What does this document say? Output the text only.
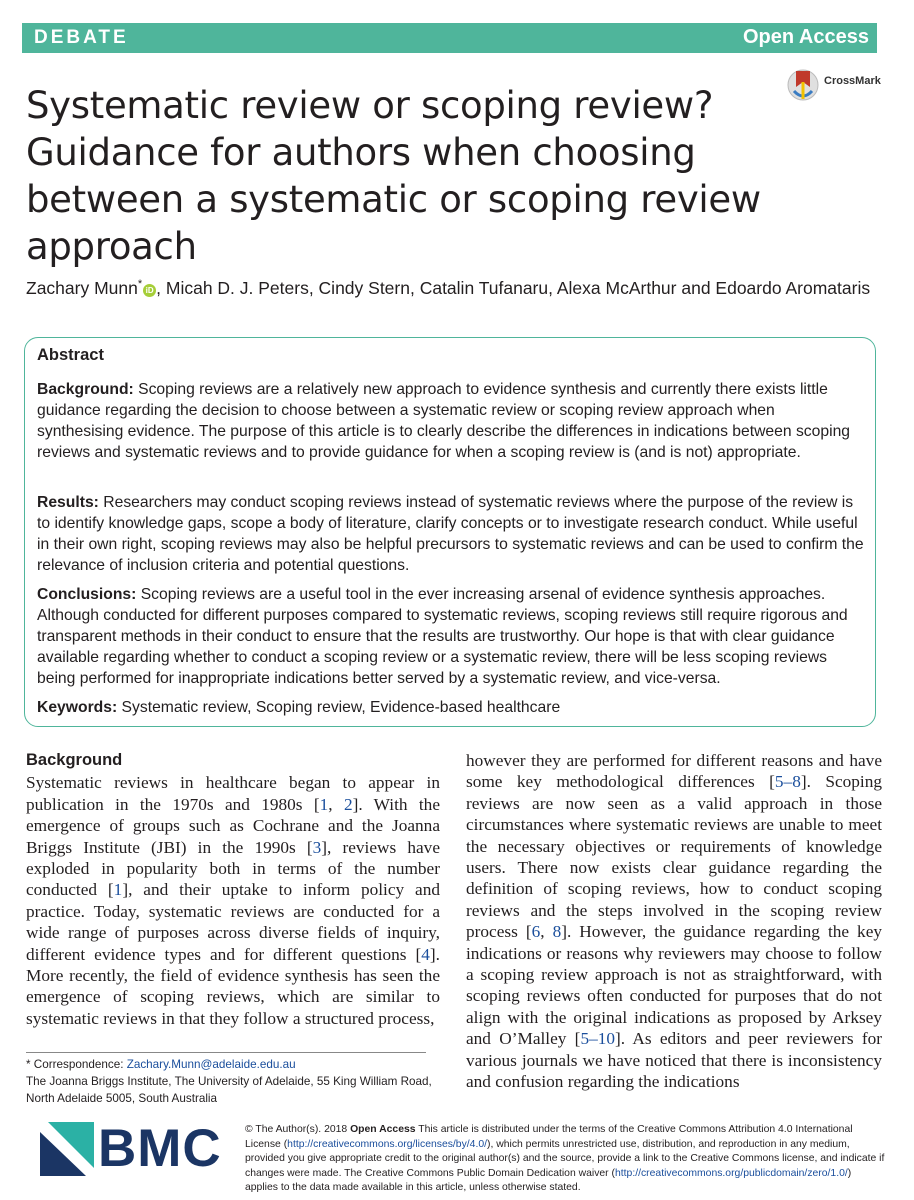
DEBATE	Open Access
CrossMark
Systematic review or scoping review? Guidance for authors when choosing between a systematic or scoping review approach
Zachary Munn*iD , Micah D. J. Peters, Cindy Stern, Catalin Tufanaru, Alexa McArthur and Edoardo Aromataris
Abstract

Background: Scoping reviews are a relatively new approach to evidence synthesis and currently there exists little guidance regarding the decision to choose between a systematic review or scoping review approach when synthesising evidence. The purpose of this article is to clearly describe the differences in indications between scoping reviews and systematic reviews and to provide guidance for when a scoping review is (and is not) appropriate.

Results: Researchers may conduct scoping reviews instead of systematic reviews where the purpose of the review is to identify knowledge gaps, scope a body of literature, clarify concepts or to investigate research conduct. While useful in their own right, scoping reviews may also be helpful precursors to systematic reviews and can be used to confirm the relevance of inclusion criteria and potential questions.

Conclusions: Scoping reviews are a useful tool in the ever increasing arsenal of evidence synthesis approaches. Although conducted for different purposes compared to systematic reviews, scoping reviews still require rigorous and transparent methods in their conduct to ensure that the results are trustworthy. Our hope is that with clear guidance available regarding whether to conduct a scoping review or a systematic review, there will be less scoping reviews being performed for inappropriate indications better served by a systematic review, and vice-versa.

Keywords: Systematic review, Scoping review, Evidence-based healthcare

Background

Systematic reviews in healthcare began to appear in publication in the 1970s and 1980s [1, 2]. With the emergence of groups such as Cochrane and the Joanna Briggs Institute (JBI) in the 1990s [3], reviews have exploded in popularity both in terms of the number conducted [1], and their uptake to inform policy and practice. Today, systematic reviews are conducted for a wide range of purposes across diverse fields of inquiry, different evidence types and for different questions [4]. More recently, the field of evidence synthesis has seen the emergence of scoping reviews, which are similar to systematic reviews in that they follow a structured process,

however they are performed for different reasons and have some key methodological differences [5–8]. Scoping reviews are now seen as a valid approach in those circumstances where systematic reviews are unable to meet the necessary objectives or requirements of knowledge users. There now exists clear guidance regarding the definition of scoping reviews, how to conduct scoping reviews and the steps involved in the scoping review process [6, 8]. However, the guidance regarding the key indications or reasons why reviewers may choose to follow a scoping review approach is not as straightforward, with scoping reviews often conducted for purposes that do not align with the original indications as proposed by Arksey and O’Malley [5–10]. As editors and peer reviewers for various journals we have noticed that there is inconsistency and confusion regarding the indications

* Correspondence: Zachary.Munn@adelaide.edu.au
The Joanna Briggs Institute, The University of Adelaide, 55 King William Road, North Adelaide 5005, South Australia
BMC © The Author(s). 2018 Open Access This article is distributed under the terms of the Creative Commons Attribution 4.0 International License (http://creativecommons.org/licenses/by/4.0/), which permits unrestricted use, distribution, and reproduction in any medium, provided you give appropriate credit to the original author(s) and the source, provide a link to the Creative Commons license, and indicate if changes were made. The Creative Commons Public Domain Dedication waiver (http://creativecommons.org/publicdomain/zero/1.0/) applies to the data made available in this article, unless otherwise stated.
